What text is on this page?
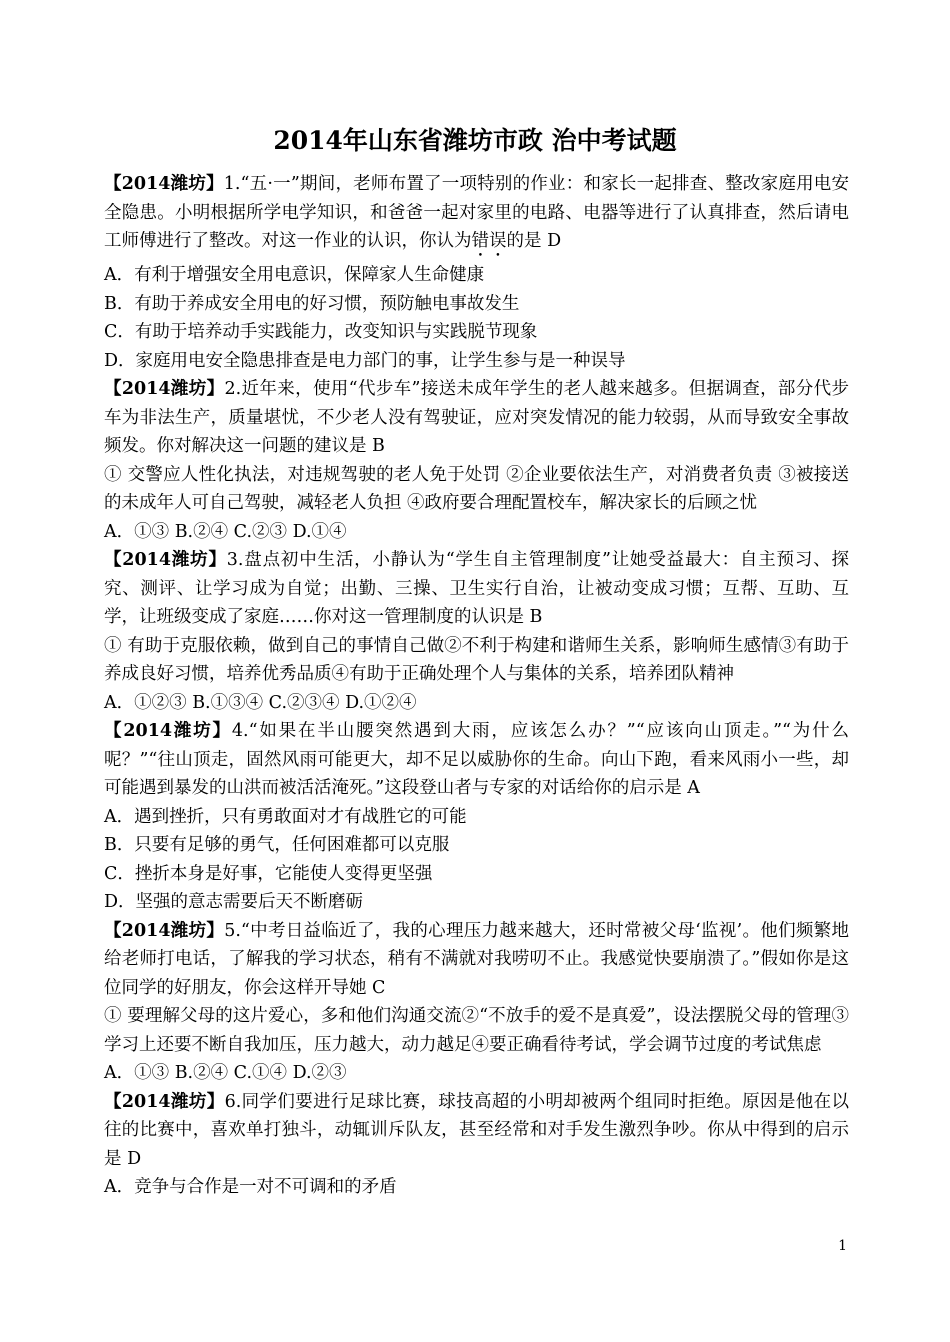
2014年山东省潍坊市政 治中考试题

【2014潍坊】1.“五·一”期间，老师布置了一项特别的作业：和家长一起排查、整改家庭用电安全隐患。小明根据所学电学知识，和爸爸一起对家里的电路、电器等进行了认真排查，然后请电工师傅进行了整改。对这一作业的认识，你认为错误的是 D

A．有利于增强安全用电意识，保障家人生命健康

B．有助于养成安全用电的好习惯，预防触电事故发生

C．有助于培养动手实践能力，改变知识与实践脱节现象

D．家庭用电安全隐患排查是电力部门的事，让学生参与是一种误导

【2014潍坊】2.近年来，使用“代步车”接送未成年学生的老人越来越多。但据调查，部分代步车为非法生产，质量堪忧，不少老人没有驾驶证，应对突发情况的能力较弱，从而导致安全事故频发。你对解决这一问题的建议是 B

① 交警应人性化执法，对违规驾驶的老人免于处罚 ②企业要依法生产，对消费者负责 ③被接送的未成年人可自己驾驶，减轻老人负担 ④政府要合理配置校车，解决家长的后顾之忧

A．①③ B.②④ C.②③ D.①④

【2014潍坊】3.盘点初中生活，小静认为“学生自主管理制度”让她受益最大：自主预习、探究、测评、让学习成为自觉；出勤、三操、卫生实行自治，让被动变成习惯；互帮、互助、互学，让班级变成了家庭……你对这一管理制度的认识是 B

① 有助于克服依赖，做到自己的事情自己做②不利于构建和谐师生关系，影响师生感情③有助于养成良好习惯，培养优秀品质④有助于正确处理个人与集体的关系，培养团队精神

A．①②③ B.①③④ C.②③④ D.①②④

【2014潍坊】4.“如果在半山腰突然遇到大雨，应该怎么办？”“应该向山顶走。”“为什么呢？”“往山顶走，固然风雨可能更大，却不足以威胁你的生命。向山下跑，看来风雨小一些，却可能遇到暴发的山洪而被活活淹死。”这段登山者与专家的对话给你的启示是 A

A．遇到挫折，只有勇敢面对才有战胜它的可能

B．只要有足够的勇气，任何困难都可以克服

C．挫折本身是好事，它能使人变得更坚强

D．坚强的意志需要后天不断磨砺

【2014潍坊】5.“中考日益临近了，我的心理压力越来越大，还时常被父母‘监视’。他们频繁地给老师打电话，了解我的学习状态，稍有不满就对我唠叨不止。我感觉快要崩溃了。”假如你是这位同学的好朋友，你会这样开导她 C

① 要理解父母的这片爱心，多和他们沟通交流②“不放手的爱不是真爱”，设法摆脱父母的管理③学习上还要不断自我加压，压力越大，动力越足④要正确看待考试，学会调节过度的考试焦虑

A．①③ B.②④ C.①④ D.②③

【2014潍坊】6.同学们要进行足球比赛，球技高超的小明却被两个组同时拒绝。原因是他在以往的比赛中，喜欢单打独斗，动辄训斥队友，甚至经常和对手发生激烈争吵。你从中得到的启示是 D

A．竞争与合作是一对不可调和的矛盾

1
